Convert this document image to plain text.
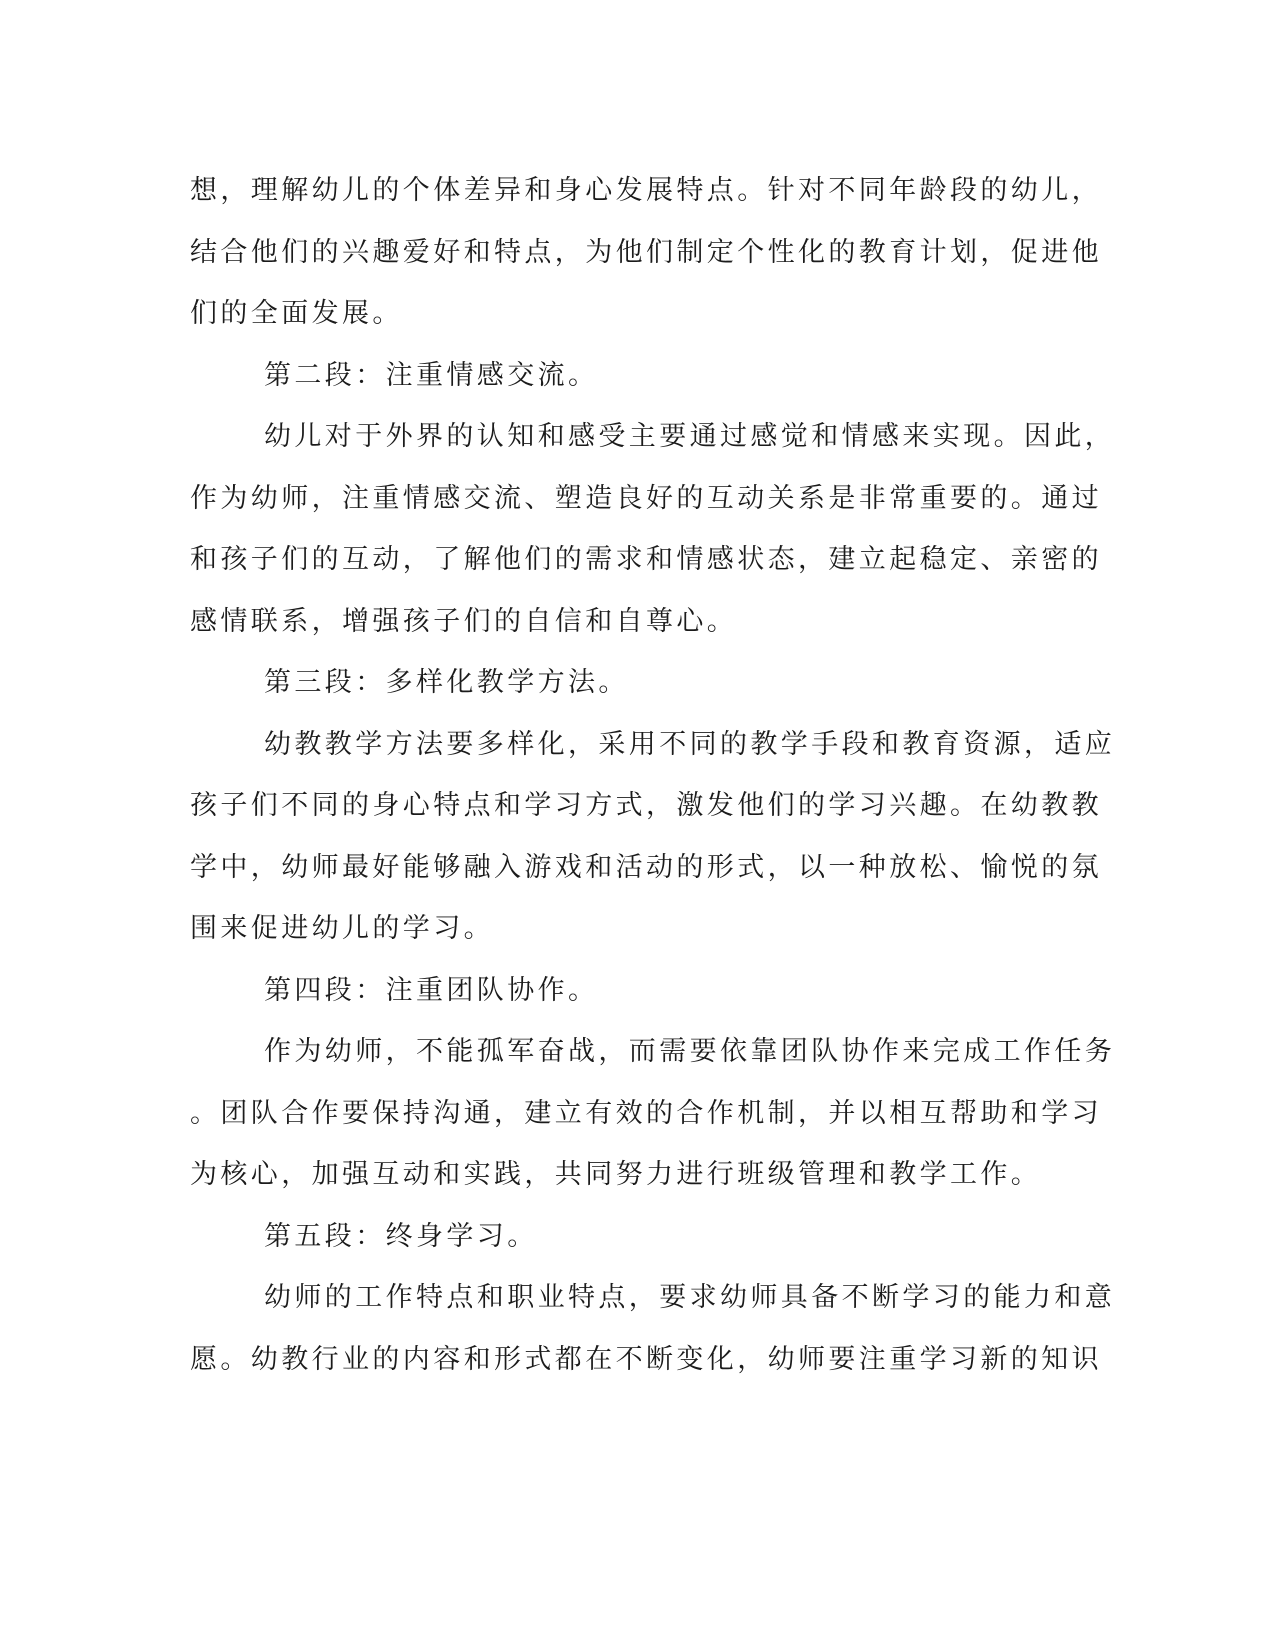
想，理解幼儿的个体差异和身心发展特点。针对不同年龄段的幼儿，
结合他们的兴趣爱好和特点，为他们制定个性化的教育计划，促进他
们的全面发展。
第二段：注重情感交流。
幼儿对于外界的认知和感受主要通过感觉和情感来实现。因此，
作为幼师，注重情感交流、塑造良好的互动关系是非常重要的。通过
和孩子们的互动，了解他们的需求和情感状态，建立起稳定、亲密的
感情联系，增强孩子们的自信和自尊心。
第三段：多样化教学方法。
幼教教学方法要多样化，采用不同的教学手段和教育资源，适应
孩子们不同的身心特点和学习方式，激发他们的学习兴趣。在幼教教
学中，幼师最好能够融入游戏和活动的形式，以一种放松、愉悦的氛
围来促进幼儿的学习。
第四段：注重团队协作。
作为幼师，不能孤军奋战，而需要依靠团队协作来完成工作任务
。团队合作要保持沟通，建立有效的合作机制，并以相互帮助和学习
为核心，加强互动和实践，共同努力进行班级管理和教学工作。
第五段：终身学习。
幼师的工作特点和职业特点，要求幼师具备不断学习的能力和意
愿。幼教行业的内容和形式都在不断变化，幼师要注重学习新的知识
